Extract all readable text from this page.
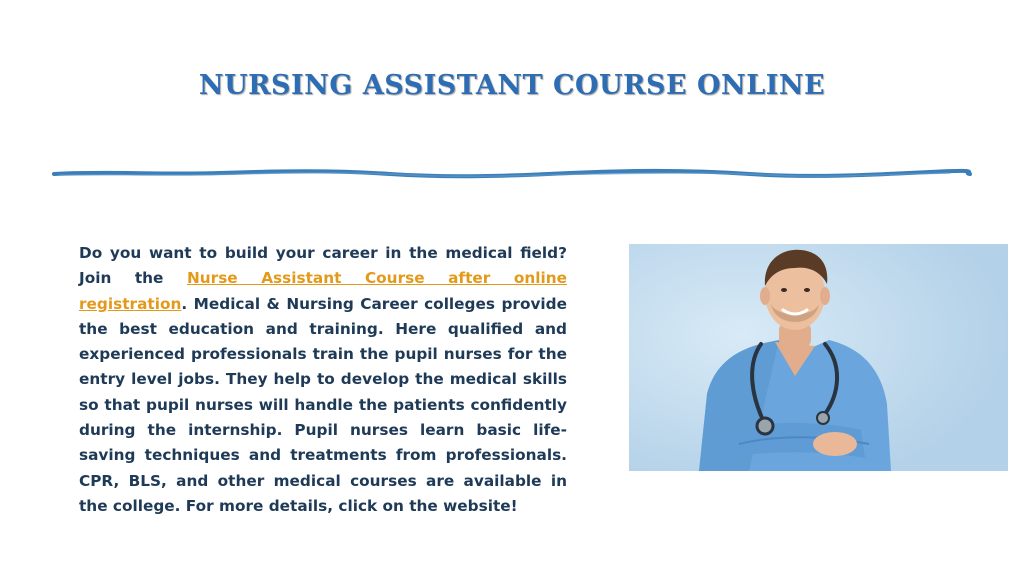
NURSING ASSISTANT COURSE ONLINE

Do you want to build your career in the medical field? Join the Nurse Assistant Course after online registration. Medical & Nursing Career colleges provide the best education and training. Here qualified and experienced professionals train the pupil nurses for the entry level jobs. They help to develop the medical skills so that pupil nurses will handle the patients confidently during the internship. Pupil nurses learn basic life-saving techniques and treatments from professionals. CPR, BLS, and other medical courses are available in the college. For more details, click on the website!
